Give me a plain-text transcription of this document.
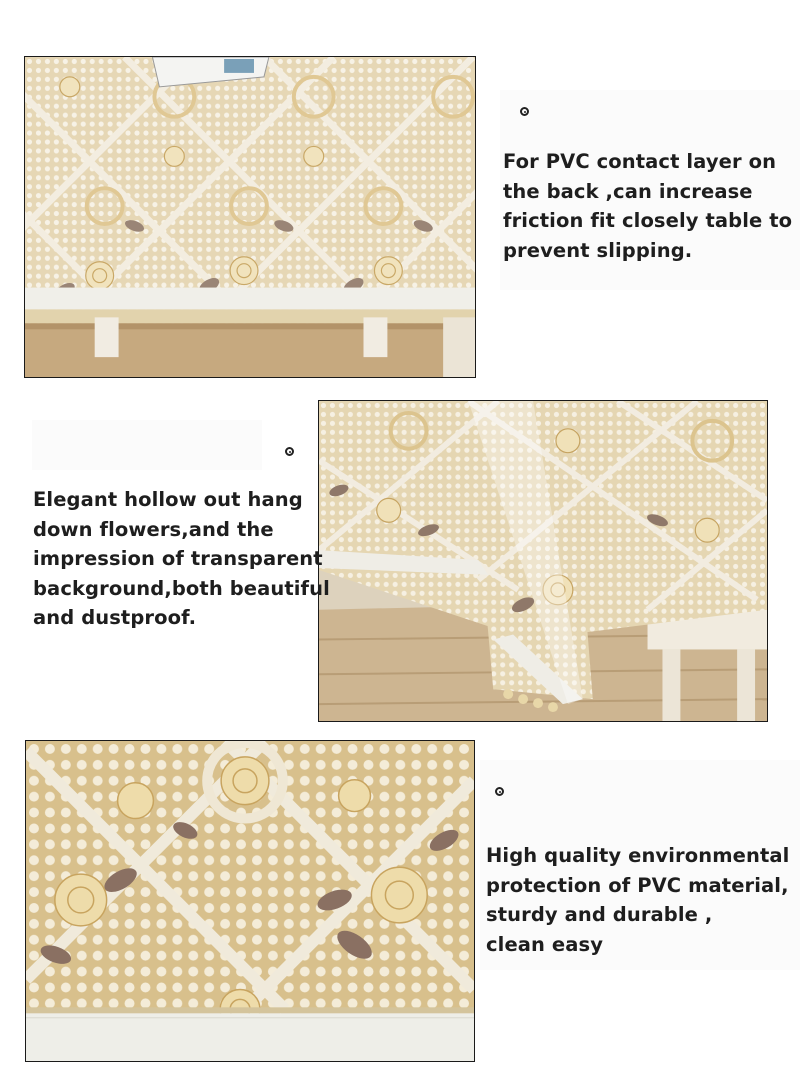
For PVC contact layer on
the back ,can increase
friction fit closely table to
prevent slipping.

Elegant hollow out hang
down flowers,and the
impression of transparent
background,both beautiful
and dustproof.

High quality environmental
protection of PVC material,
sturdy and durable ,
clean easy
